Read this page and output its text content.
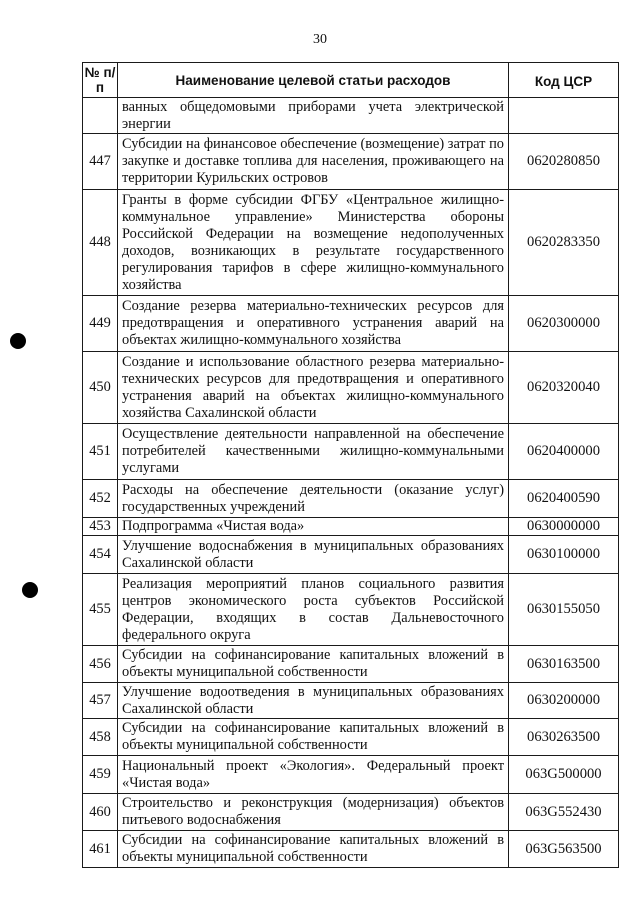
30
№ п/п	Наименование целевой статьи расходов	Код ЦСР
	ванных общедомовыми приборами учета электрической энергии	
447	Субсидии на финансовое обеспечение (возмещение) затрат по закупке и доставке топлива для населения, проживающего на территории Курильских островов	0620280850
448	Гранты в форме субсидии ФГБУ «Центральное жилищно-коммунальное управление» Министерства обороны Российской Федерации на возмещение недополученных доходов, возникающих в результате государственного регулирования тарифов в сфере жилищно-коммунального хозяйства	0620283350
449	Создание резерва материально-технических ресурсов для предотвращения и оперативного устранения аварий на объектах жилищно-коммунального хозяйства	0620300000
450	Создание и использование областного резерва материально-технических ресурсов для предотвращения и оперативного устранения аварий на объектах жилищно-коммунального хозяйства Сахалинской области	0620320040
451	Осуществление деятельности направленной на обеспечение потребителей качественными жилищно-коммунальными услугами	0620400000
452	Расходы на обеспечение деятельности (оказание услуг) государственных учреждений	0620400590
453	Подпрограмма «Чистая вода»	0630000000
454	Улучшение водоснабжения в муниципальных образованиях Сахалинской области	0630100000
455	Реализация мероприятий планов социального развития центров экономического роста субъектов Российской Федерации, входящих в состав Дальневосточного федерального округа	0630155050
456	Субсидии на софинансирование капитальных вложений в объекты муниципальной собственности	0630163500
457	Улучшение водоотведения в муниципальных образованиях Сахалинской области	0630200000
458	Субсидии на софинансирование капитальных вложений в объекты муниципальной собственности	0630263500
459	Национальный проект «Экология». Федеральный проект «Чистая вода»	063G500000
460	Строительство и реконструкция (модернизация) объектов питьевого водоснабжения	063G552430
461	Субсидии на софинансирование капитальных вложений в объекты муниципальной собственности	063G563500
